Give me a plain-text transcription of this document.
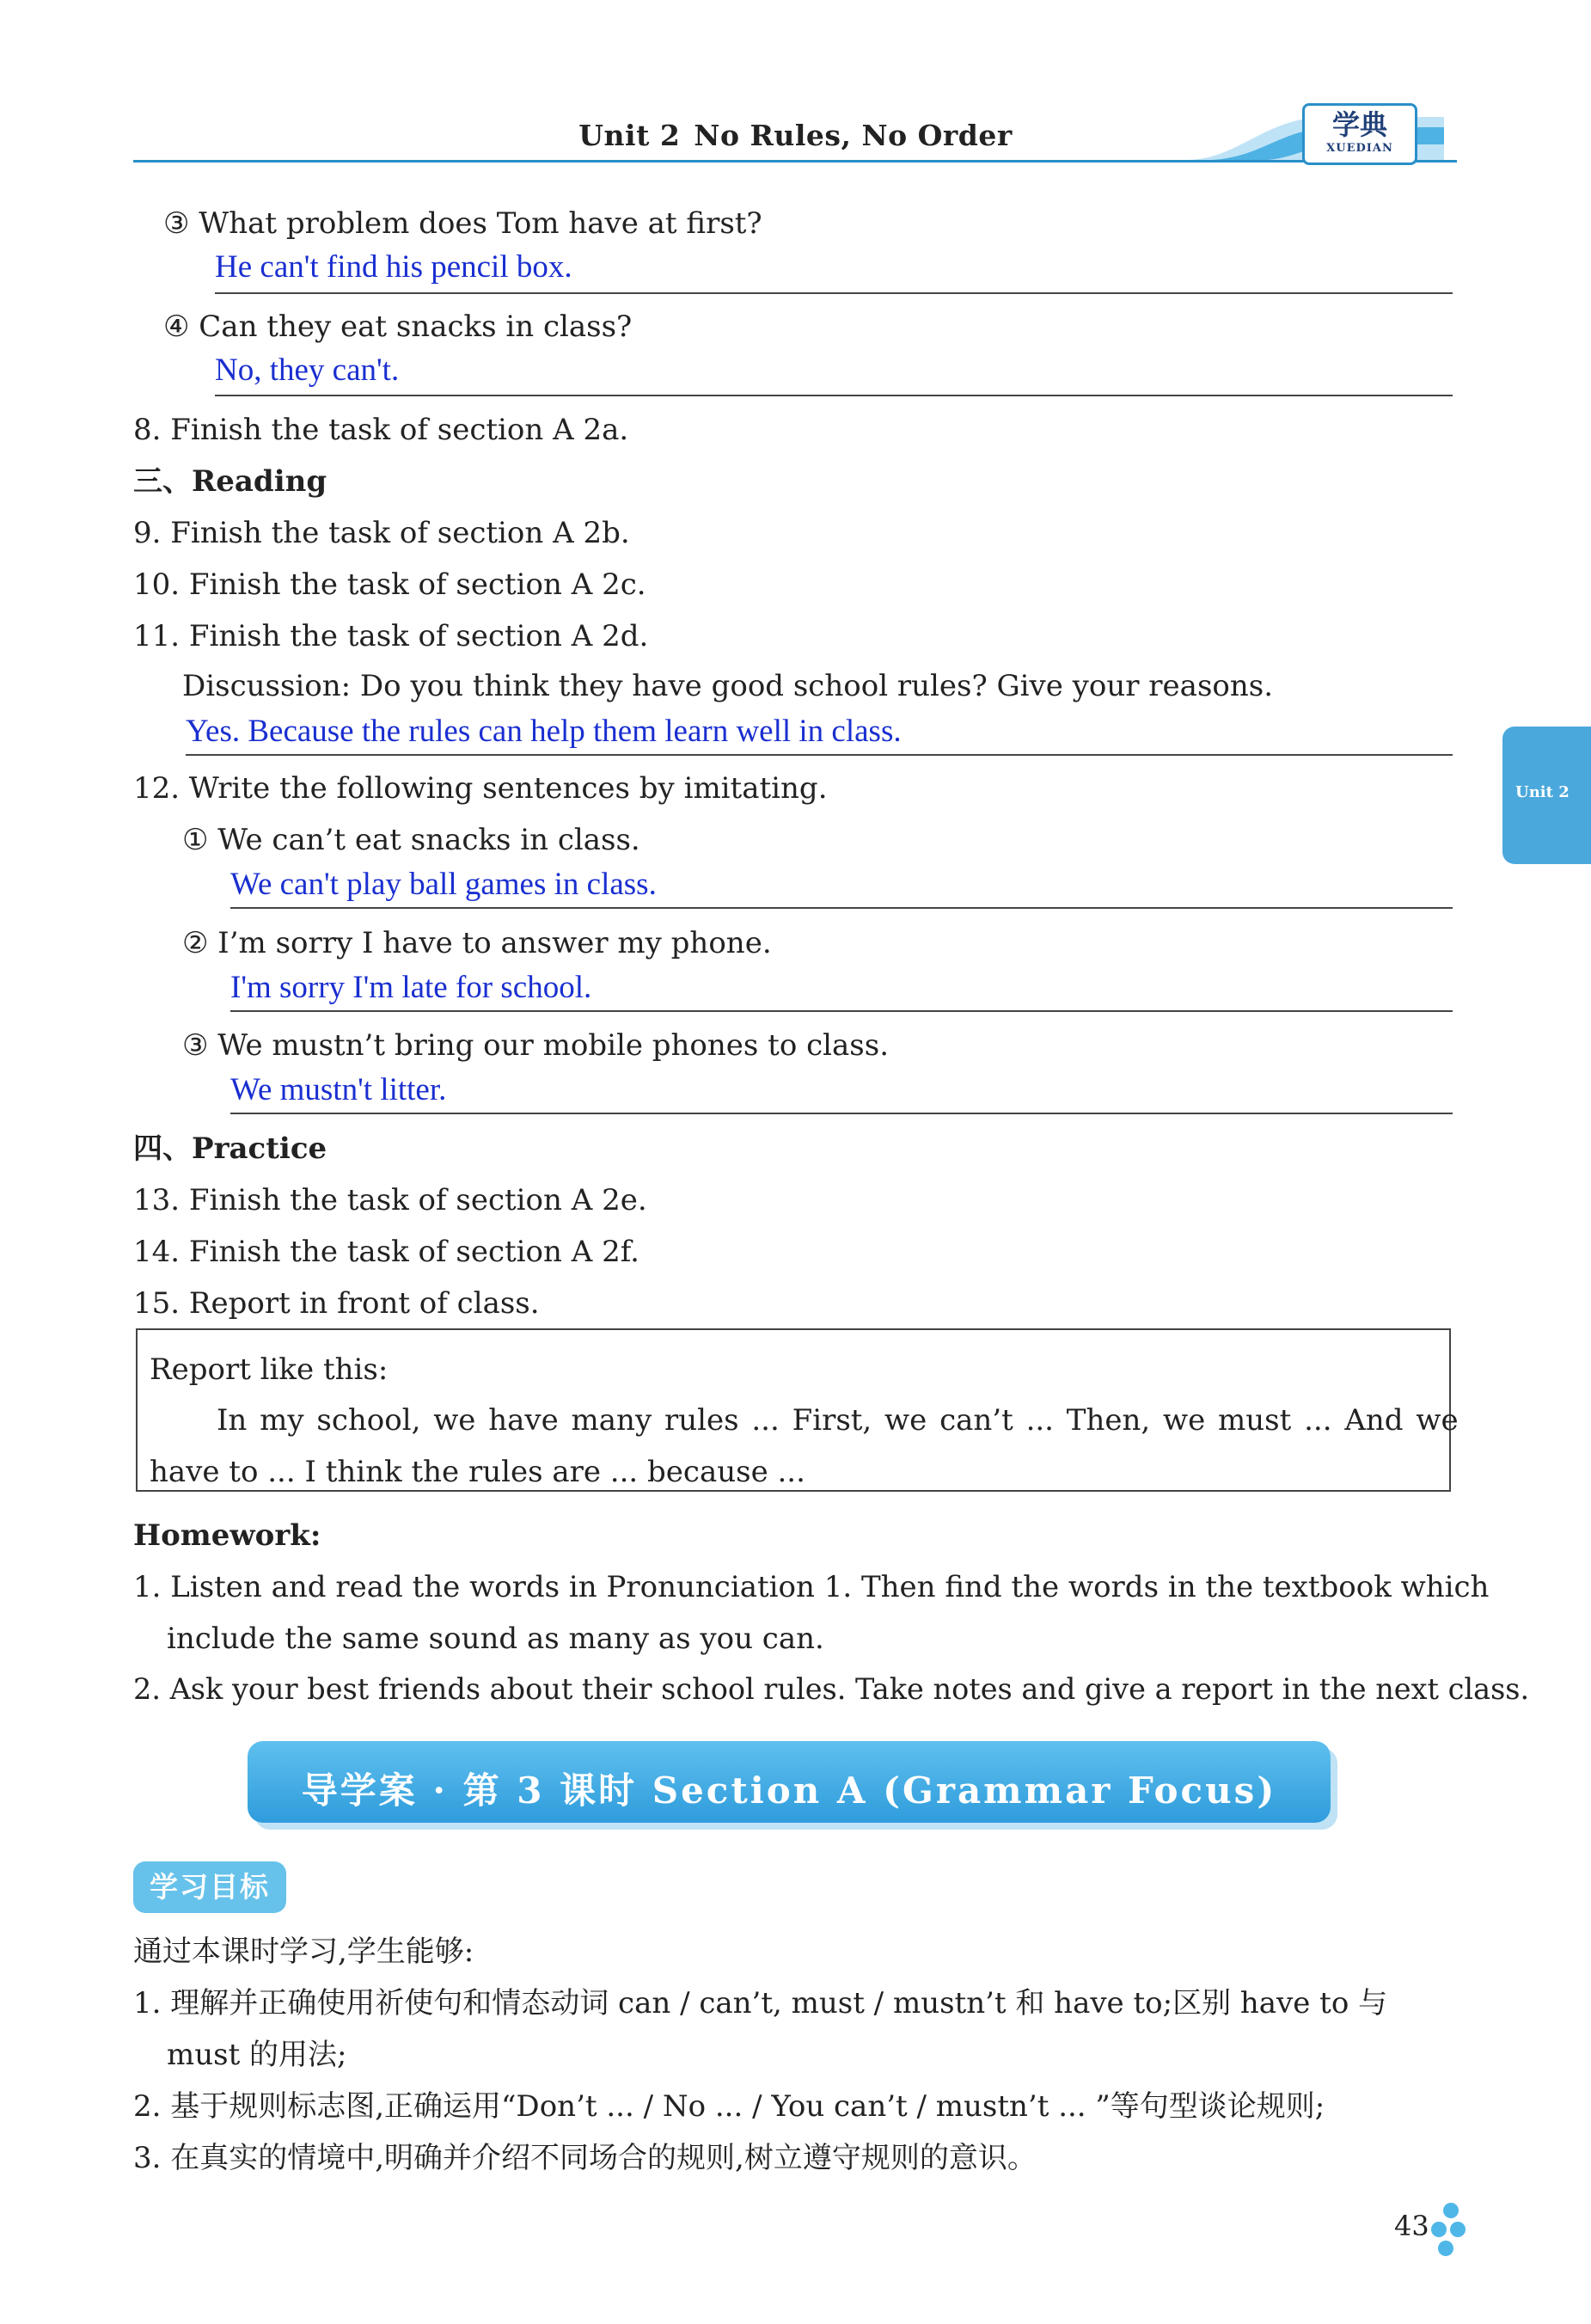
Unit 2 No Rules, No Order	学典
XUEDIAN
Unit 2
③ What problem does Tom have at first?
He can't find his pencil box.
④ Can they eat snacks in class?
No, they can't.
8. Finish the task of section A 2a.
三、Reading
9. Finish the task of section A 2b.
10. Finish the task of section A 2c.
11. Finish the task of section A 2d.
Discussion: Do you think they have good school rules? Give your reasons.
Yes. Because the rules can help them learn well in class.
12. Write the following sentences by imitating.
① We can’t eat snacks in class.
We can't play ball games in class.
② I’m sorry I have to answer my phone.
I'm sorry I'm late for school.
③ We mustn’t bring our mobile phones to class.
We mustn't litter.
四、Practice
13. Finish the task of section A 2e.
14. Finish the task of section A 2f.
15. Report in front of class.
Report like this:
In my school, we have many rules ... First, we can’t ... Then, we must ... And we
have to ... I think the rules are ... because ...
Homework:
1. Listen and read the words in Pronunciation 1. Then find the words in the textbook which
include the same sound as many as you can.
2. Ask your best friends about their school rules. Take notes and give a report in the next class.
导学案 · 第 3 课时 Section A (Grammar Focus)
学习目标
通过本课时学习,学生能够:
1. 理解并正确使用祈使句和情态动词 can / can’t, must / mustn’t 和 have to;区别 have to 与
must 的用法;
2. 基于规则标志图,正确运用“Don’t ... / No ... / You can’t / mustn’t ... ”等句型谈论规则;
3. 在真实的情境中,明确并介绍不同场合的规则,树立遵守规则的意识。
43
